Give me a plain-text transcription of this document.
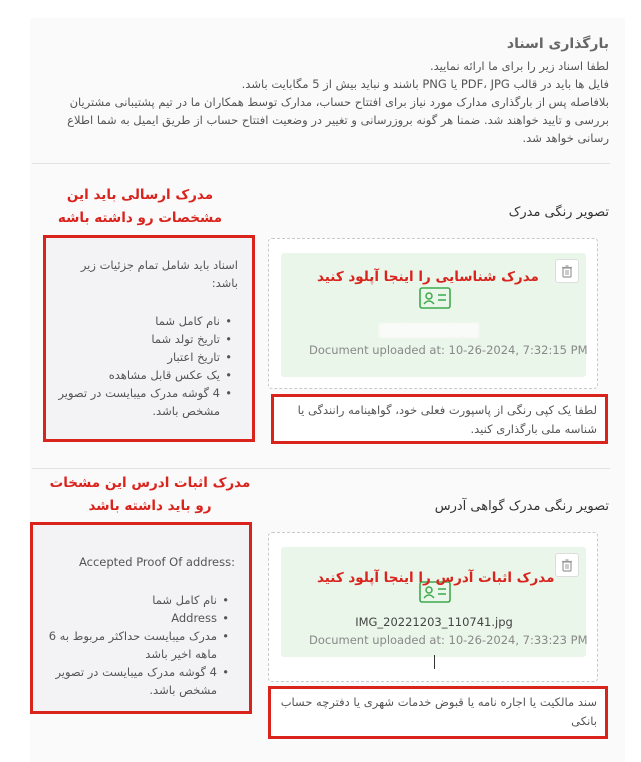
بارگذاری اسناد
لطفا اسناد زیر را برای ما ارائه نمایید.
فایل ها باید در قالب PDF، JPG یا PNG باشند و نباید بیش از 5 مگابایت باشد.
بلافاصله پس از بارگذاری مدارک مورد نیاز برای افتتاح حساب، مدارک توسط همکاران ما در تیم پشتیبانی مشتریان
بررسی و تایید خواهند شد. ضمنا هر گونه بروزرسانی و تغییر در وضعیت افتتاح حساب از طریق ایمیل به شما اطلاع
رسانی خواهد شد.
مدرک ارسالی باید این
مشخصات رو داشته باشه	تصویر رنگی مدرک
اسناد باید شامل تمام جزئیات زیر
باشد:
• نام کامل شما
• تاریخ تولد شما
• تاریخ اعتبار
• یک عکس قابل مشاهده
• 4 گوشه مدرک میبایست در تصویر مشخص باشد.
مدرک شناسایی را اینجا آپلود کنید
Document uploaded at: 10-26-2024, 7:32:15 PM
لطفا یک کپی رنگی از پاسپورت فعلی خود، گواهینامه رانندگی یا
شناسه ملی بارگذاری کنید.
مدرک اثبات ادرس این مشخات
رو باید داشته باشد	تصویر رنگی مدرک گواهی آدرس
:Accepted Proof Of address
• نام کامل شما
• Address
• مدرک میبایست حداکثر مربوط به 6 ماهه اخیر باشد
• 4 گوشه مدرک میبایست در تصویر مشخص باشد.
مدرک اثبات آدرس را اینجا آپلود کنید
IMG_20221203_110741.jpg
Document uploaded at: 10-26-2024, 7:33:23 PM
سند مالکیت یا اجاره نامه یا قبوض خدمات شهری یا دفترچه حساب
بانکی
